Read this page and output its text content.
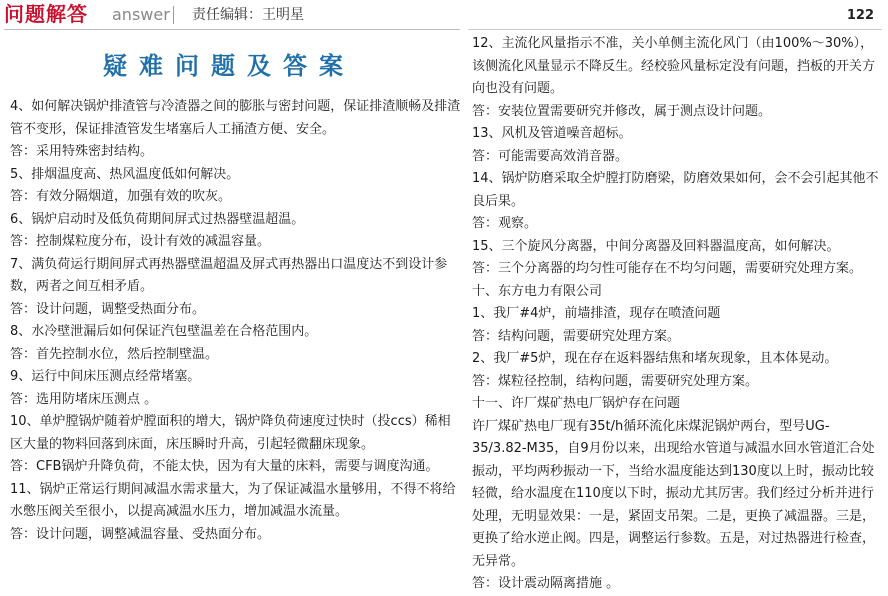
问题解答 answer 责任编辑：王明星	122
疑难问题及答案

4、如何解决锅炉排渣管与冷渣器之间的膨胀与密封问题，保证排渣顺畅及排渣管不变形，保证排渣管发生堵塞后人工捅渣方便、安全。

答：采用特殊密封结构。

5、排烟温度高、热风温度低如何解决。

答：有效分隔烟道，加强有效的吹灰。

6、锅炉启动时及低负荷期间屏式过热器壁温超温。

答：控制煤粒度分布，设计有效的减温容量。

7、满负荷运行期间屏式再热器壁温超温及屏式再热器出口温度达不到设计参数，两者之间互相矛盾。

答：设计问题，调整受热面分布。

8、水冷壁泄漏后如何保证汽包壁温差在合格范围内。

答：首先控制水位，然后控制壁温。

9、运行中间床压测点经常堵塞。

答：选用防堵床压测点 。

10、单炉膛锅炉随着炉膛面积的增大，锅炉降负荷速度过快时（投ccs）稀相区大量的物料回落到床面，床压瞬时升高，引起轻微翻床现象。

答：CFB锅炉升降负荷，不能太快，因为有大量的床料，需要与调度沟通。

11、锅炉正常运行期间减温水需求量大，为了保证减温水量够用，不得不将给水憋压阀关至很小，以提高减温水压力，增加减温水流量。

答：设计问题，调整减温容量、受热面分布。

12、主流化风量指示不准，关小单侧主流化风门（由100%～30%），该侧流化风量显示不降反生。经校验风量标定没有问题，挡板的开关方向也没有问题。

答：安装位置需要研究并修改，属于测点设计问题。

13、风机及管道噪音超标。

答：可能需要高效消音器。

14、锅炉防磨采取全炉膛打防磨梁，防磨效果如何，会不会引起其他不良后果。

答：观察。

15、三个旋风分离器，中间分离器及回料器温度高，如何解决。

答：三个分离器的均匀性可能存在不均匀问题，需要研究处理方案。

十、东方电力有限公司

1、我厂#4炉，前墙排渣，现存在喷渣问题

答：结构问题，需要研究处理方案。

2、我厂#5炉，现在存在返料器结焦和堵灰现象，且本体晃动。

答：煤粒径控制，结构问题，需要研究处理方案。

十一、许厂煤矿热电厂锅炉存在问题

许厂煤矿热电厂现有35t/h循环流化床煤泥锅炉两台，型号UG-35/3.82-M35，自9月份以来，出现给水管道与减温水回水管道汇合处振动，平均两秒振动一下，当给水温度能达到130度以上时，振动比较轻微，给水温度在110度以下时，振动尤其厉害。我们经过分析并进行处理，无明显效果：一是，紧固支吊架。二是，更换了减温器。三是，更换了给水逆止阀。四是，调整运行参数。五是，对过热器进行检查，无异常。

答：设计震动隔离措施 。
